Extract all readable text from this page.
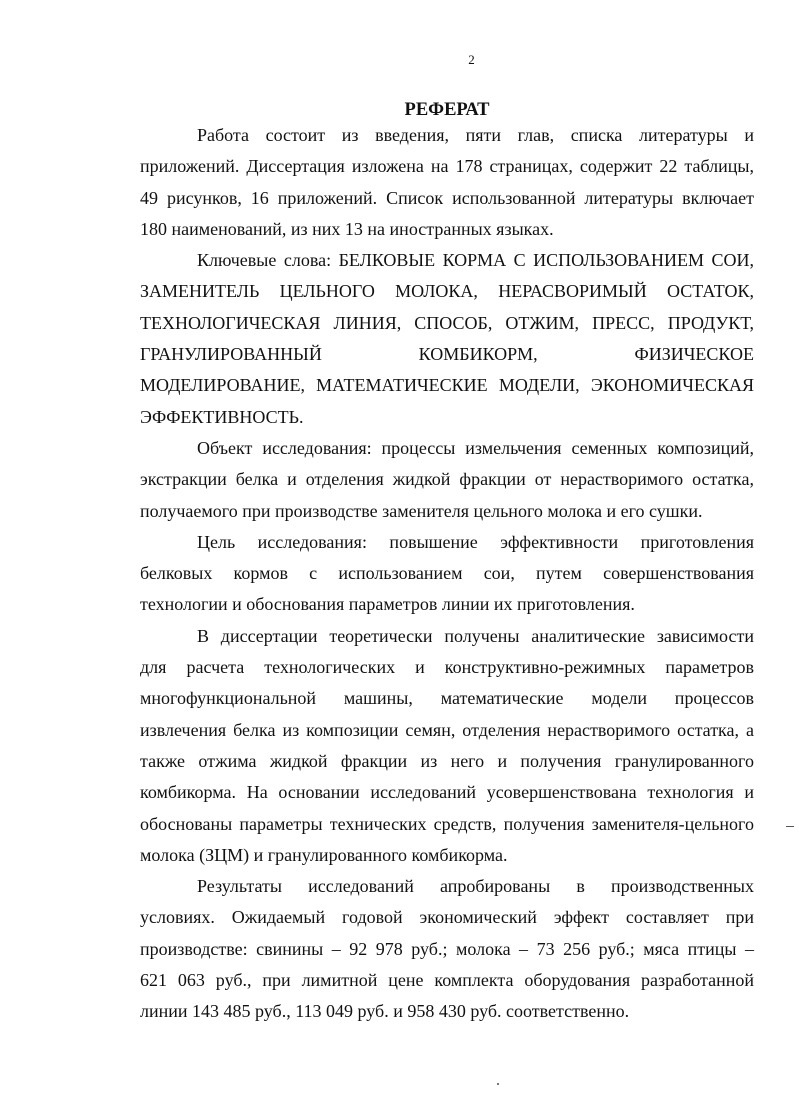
2
РЕФЕРАТ
Работа состоит из введения, пяти глав, списка литературы и
приложений. Диссертация изложена на 178 страницах, содержит 22 таблицы,
49 рисунков, 16 приложений. Список использованной литературы включает
180 наименований, из них 13 на иностранных языках.
Ключевые слова: БЕЛКОВЫЕ КОРМА С ИСПОЛЬЗОВАНИЕМ СОИ,
ЗАМЕНИТЕЛЬ ЦЕЛЬНОГО МОЛОКА, НЕРАСВОРИМЫЙ ОСТАТОК,
ТЕХНОЛОГИЧЕСКАЯ ЛИНИЯ, СПОСОБ, ОТЖИМ, ПРЕСС, ПРОДУКТ,
ГРАНУЛИРОВАННЫЙ КОМБИКОРМ, ФИЗИЧЕСКОЕ
МОДЕЛИРОВАНИЕ, МАТЕМАТИЧЕСКИЕ МОДЕЛИ, ЭКОНОМИЧЕСКАЯ
ЭФФЕКТИВНОСТЬ.
Объект исследования: процессы измельчения семенных композиций,
экстракции белка и отделения жидкой фракции от нерастворимого остатка,
получаемого при производстве заменителя цельного молока и его сушки.
Цель исследования: повышение эффективности приготовления
белковых кормов с использованием сои, путем совершенствования
технологии и обоснования параметров линии их приготовления.
В диссертации теоретически получены аналитические зависимости
для расчета технологических и конструктивно-режимных параметров
многофункциональной машины, математические модели процессов
извлечения белка из композиции семян, отделения нерастворимого остатка, а
также отжима жидкой фракции из него и получения гранулированного
комбикорма. На основании исследований усовершенствована технология и
обоснованы параметры технических средств, получения заменителя-цельного
молока (ЗЦМ) и гранулированного комбикорма.
Результаты исследований апробированы в производственных
условиях. Ожидаемый годовой экономический эффект составляет при
производстве: свинины – 92 978 руб.; молока – 73 256 руб.; мяса птицы –
621 063 руб., при лимитной цене комплекта оборудования разработанной
линии 143 485 руб., 113 049 руб. и 958 430 руб. соответственно.
